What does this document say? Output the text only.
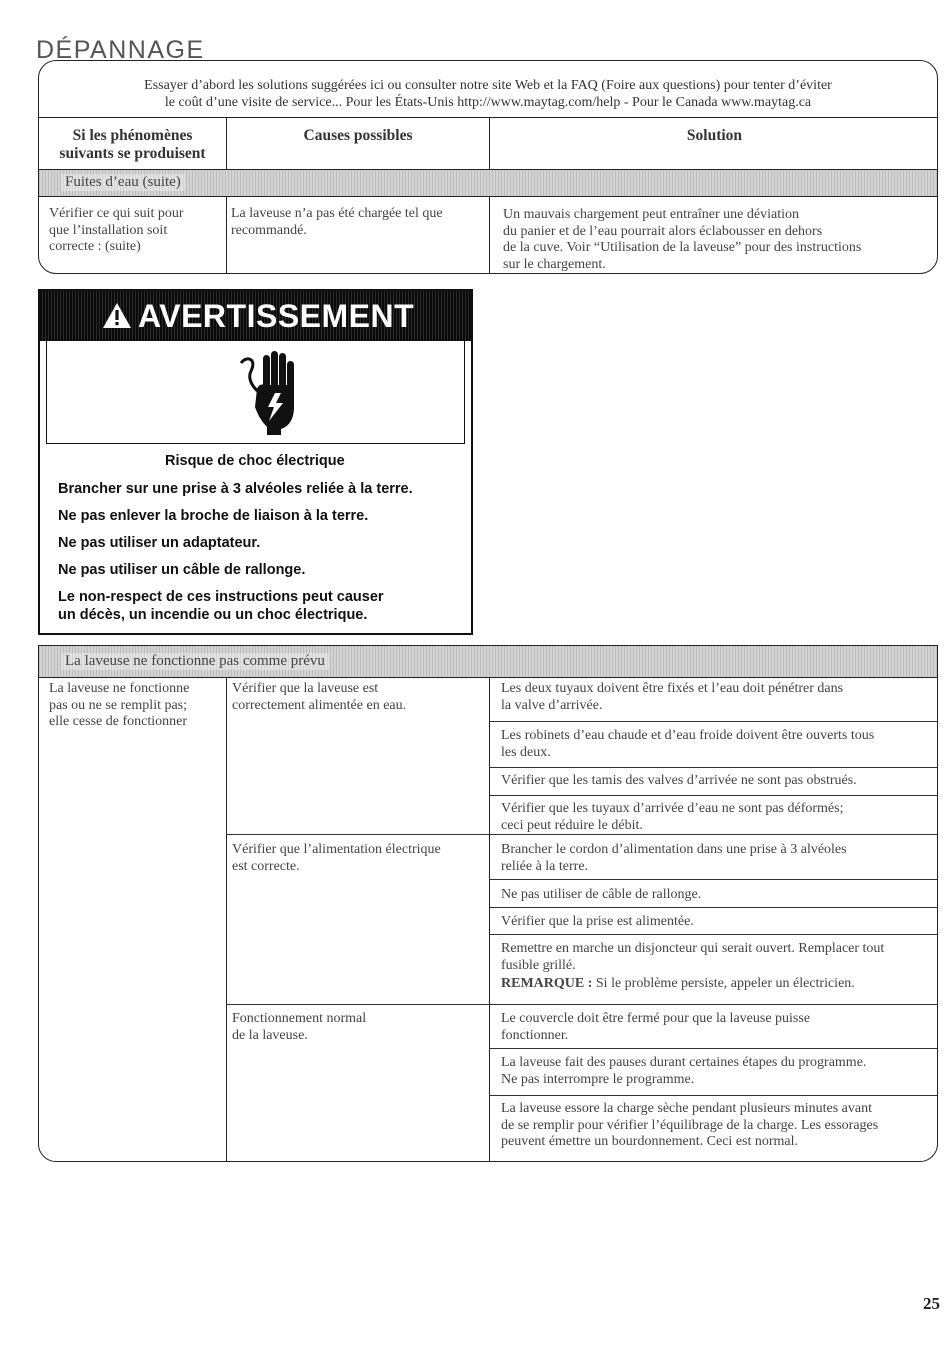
DÉPANNAGE
Essayer d’abord les solutions suggérées ici ou consulter notre site Web et la FAQ (Foire aux questions) pour tenter d’éviter
le coût d’une visite de service... Pour les États-Unis http://www.maytag.com/help - Pour le Canada www.maytag.ca
Si les phénomènes
suivants se produisent
Causes possibles	Solution
Fuites d’eau (suite)
Vérifier ce qui suit pour
que l’installation soit
correcte : (suite)
La laveuse n’a pas été chargée tel que
recommandé.
Un mauvais chargement peut entraîner une déviation
du panier et de l’eau pourrait alors éclabousser en dehors
de la cuve. Voir “Utilisation de la laveuse” pour des instructions
sur le chargement.
AVERTISSEMENT
Risque de choc électrique
Brancher sur une prise à 3 alvéoles reliée à la terre.
Ne pas enlever la broche de liaison à la terre.
Ne pas utiliser un adaptateur.
Ne pas utiliser un câble de rallonge.
Le non-respect de ces instructions peut causer
un décès, un incendie ou un choc électrique.
La laveuse ne fonctionne pas comme prévu
La laveuse ne fonctionne
pas ou ne se remplit pas;
elle cesse de fonctionner
Vérifier que la laveuse est
correctement alimentée en eau.
Vérifier que l’alimentation électrique
est correcte.
Fonctionnement normal
de la laveuse.
Les deux tuyaux doivent être fixés et l’eau doit pénétrer dans
la valve d’arrivée.
Les robinets d’eau chaude et d’eau froide doivent être ouverts tous
les deux.
Vérifier que les tamis des valves d’arrivée ne sont pas obstrués.
Vérifier que les tuyaux d’arrivée d’eau ne sont pas déformés;
ceci peut réduire le débit.
Brancher le cordon d’alimentation dans une prise à 3 alvéoles
reliée à la terre.
Ne pas utiliser de câble de rallonge.
Vérifier que la prise est alimentée.
Remettre en marche un disjoncteur qui serait ouvert. Remplacer tout
fusible grillé.
REMARQUE : Si le problème persiste, appeler un électricien.
Le couvercle doit être fermé pour que la laveuse puisse
fonctionner.
La laveuse fait des pauses durant certaines étapes du programme.
Ne pas interrompre le programme.
La laveuse essore la charge sèche pendant plusieurs minutes avant
de se remplir pour vérifier l’équilibrage de la charge. Les essorages
peuvent émettre un bourdonnement. Ceci est normal.
25
